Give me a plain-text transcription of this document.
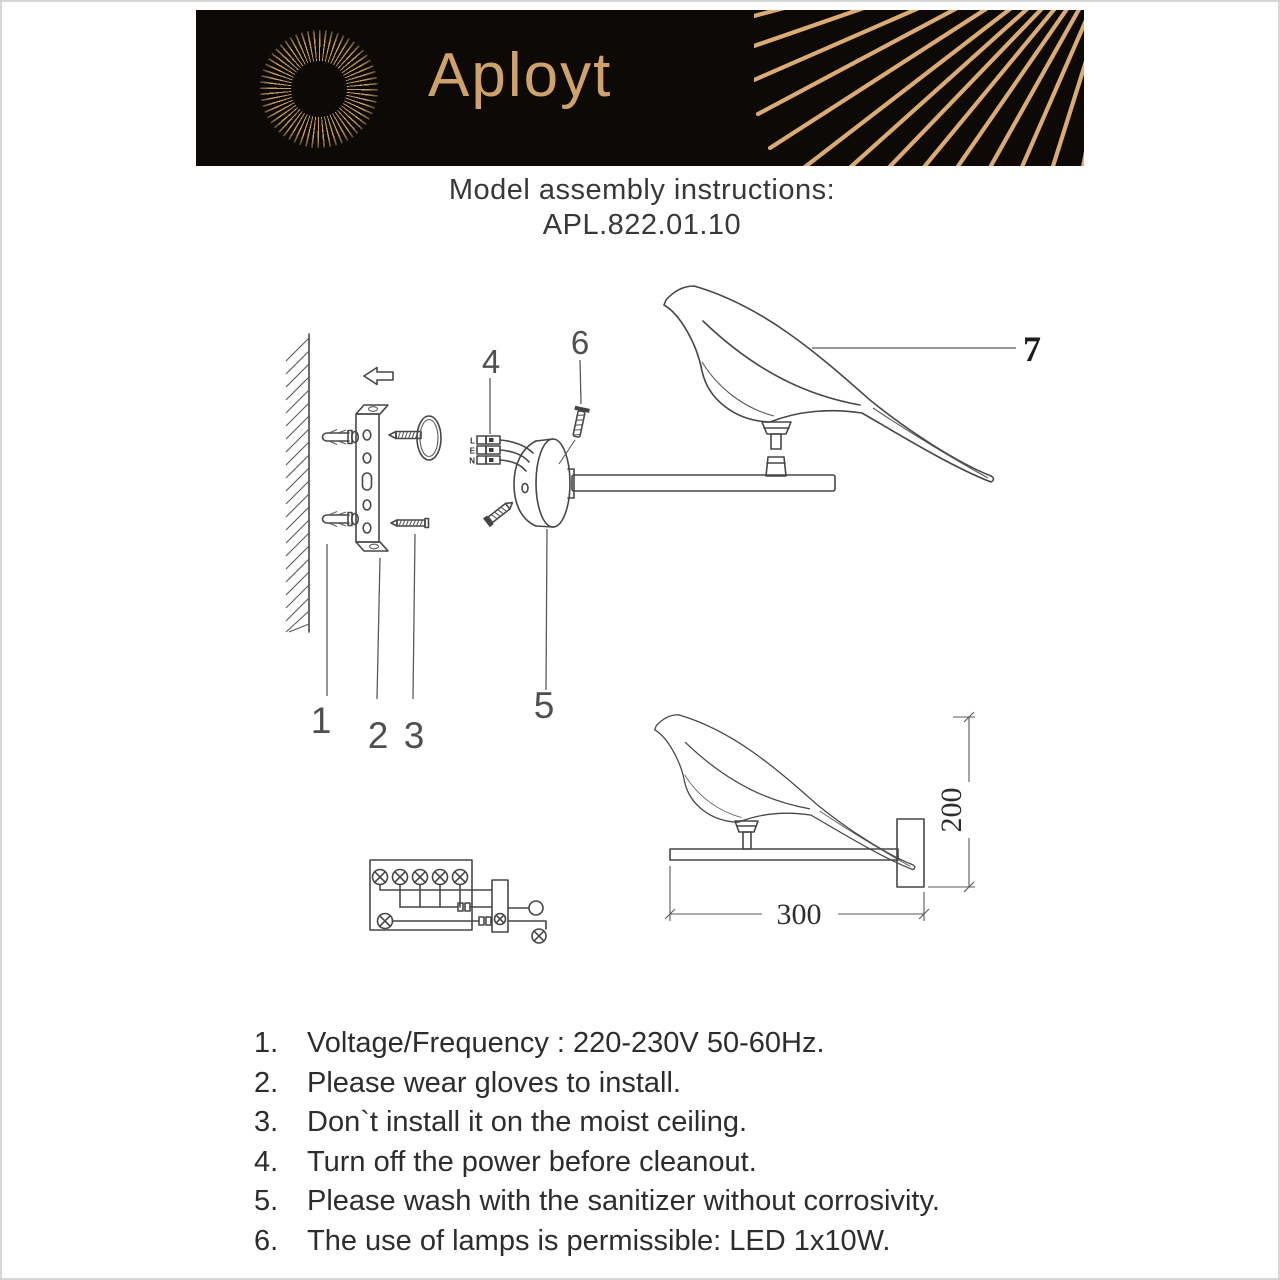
Aployt
Model assembly instructions:
APL.822.01.10
L
E
N
1 2 3
4
5
6	7
300
200
1. Voltage/Frequency : 220-230V 50-60Hz.
2. Please wear gloves to install.
3. Don`t install it on the moist ceiling.
4. Turn off the power before cleanout.
5. Please wash with the sanitizer without corrosivity.
6. The use of lamps is permissible: LED 1x10W.
